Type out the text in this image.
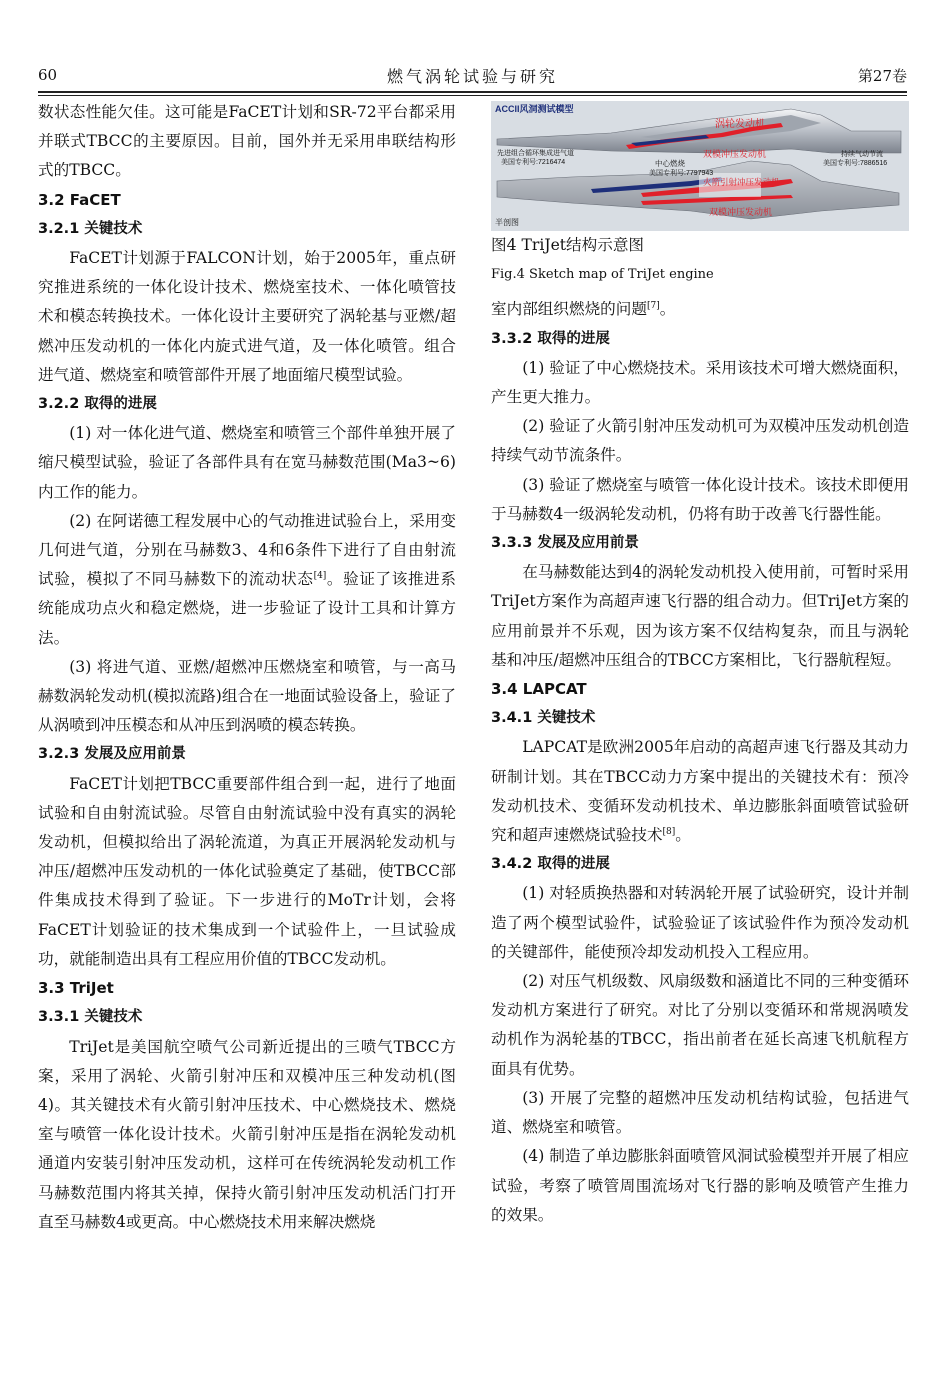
60	燃气涡轮试验与研究	第27卷

数状态性能欠佳。这可能是FaCET计划和SR-72平台都采用并联式TBCC的主要原因。目前，国外并无采用串联结构形式的TBCC。

3.2 FaCET
3.2.1 关键技术

FaCET计划源于FALCON计划，始于2005年，重点研究推进系统的一体化设计技术、燃烧室技术、一体化喷管技术和模态转换技术。一体化设计主要研究了涡轮基与亚燃/超燃冲压发动机的一体化内旋式进气道，及一体化喷管。组合进气道、燃烧室和喷管部件开展了地面缩尺模型试验。

3.2.2 取得的进展

(1) 对一体化进气道、燃烧室和喷管三个部件单独开展了缩尺模型试验，验证了各部件具有在宽马赫数范围(Ma3~6)内工作的能力。

(2) 在阿诺德工程发展中心的气动推进试验台上，采用变几何进气道，分别在马赫数3、4和6条件下进行了自由射流试验，模拟了不同马赫数下的流动状态[4]。验证了该推进系统能成功点火和稳定燃烧，进一步验证了设计工具和计算方法。

(3) 将进气道、亚燃/超燃冲压燃烧室和喷管，与一高马赫数涡轮发动机(模拟流路)组合在一地面试验设备上，验证了从涡喷到冲压模态和从冲压到涡喷的模态转换。

3.2.3 发展及应用前景

FaCET计划把TBCC重要部件组合到一起，进行了地面试验和自由射流试验。尽管自由射流试验中没有真实的涡轮发动机，但模拟给出了涡轮流道，为真正开展涡轮发动机与冲压/超燃冲压发动机的一体化试验奠定了基础，使TBCC部件集成技术得到了验证。下一步进行的MoTr计划，会将FaCET计划验证的技术集成到一个试验件上，一旦试验成功，就能制造出具有工程应用价值的TBCC发动机。

3.3 TriJet
3.3.1 关键技术

TriJet是美国航空喷气公司新近提出的三喷气TBCC方案，采用了涡轮、火箭引射冲压和双模冲压三种发动机(图4)。其关键技术有火箭引射冲压技术、中心燃烧技术、燃烧室与喷管一体化设计技术。火箭引射冲压是指在涡轮发动机通道内安装引射冲压发动机，这样可在传统涡轮发动机工作马赫数范围内将其关掉，保持火箭引射冲压发动机活门打开直至马赫数4或更高。中心燃烧技术用来解决燃烧

ACCII风洞测试模型
涡轮发动机
先进组合循环集成进气道
美国专利号:7216474
双模冲压发动机
中心燃烧
美国专利号:7797943
持续气动节流
美国专利号:7886516
火箭引射冲压发动机
双模冲压发动机
半剖图

图4 TriJet结构示意图

Fig.4 Sketch map of TriJet engine

室内部组织燃烧的问题[7]。

3.3.2 取得的进展

(1) 验证了中心燃烧技术。采用该技术可增大燃烧面积，产生更大推力。

(2) 验证了火箭引射冲压发动机可为双模冲压发动机创造持续气动节流条件。

(3) 验证了燃烧室与喷管一体化设计技术。该技术即便用于马赫数4一级涡轮发动机，仍将有助于改善飞行器性能。

3.3.3 发展及应用前景

在马赫数能达到4的涡轮发动机投入使用前，可暂时采用TriJet方案作为高超声速飞行器的组合动力。但TriJet方案的应用前景并不乐观，因为该方案不仅结构复杂，而且与涡轮基和冲压/超燃冲压组合的TBCC方案相比，飞行器航程短。

3.4 LAPCAT
3.4.1 关键技术

LAPCAT是欧洲2005年启动的高超声速飞行器及其动力研制计划。其在TBCC动力方案中提出的关键技术有：预冷发动机技术、变循环发动机技术、单边膨胀斜面喷管试验研究和超声速燃烧试验技术[8]。

3.4.2 取得的进展

(1) 对轻质换热器和对转涡轮开展了试验研究，设计并制造了两个模型试验件，试验验证了该试验件作为预冷发动机的关键部件，能使预冷却发动机投入工程应用。

(2) 对压气机级数、风扇级数和涵道比不同的三种变循环发动机方案进行了研究。对比了分别以变循环和常规涡喷发动机作为涡轮基的TBCC，指出前者在延长高速飞机航程方面具有优势。

(3) 开展了完整的超燃冲压发动机结构试验，包括进气道、燃烧室和喷管。

(4) 制造了单边膨胀斜面喷管风洞试验模型并开展了相应试验，考察了喷管周围流场对飞行器的影响及喷管产生推力的效果。
